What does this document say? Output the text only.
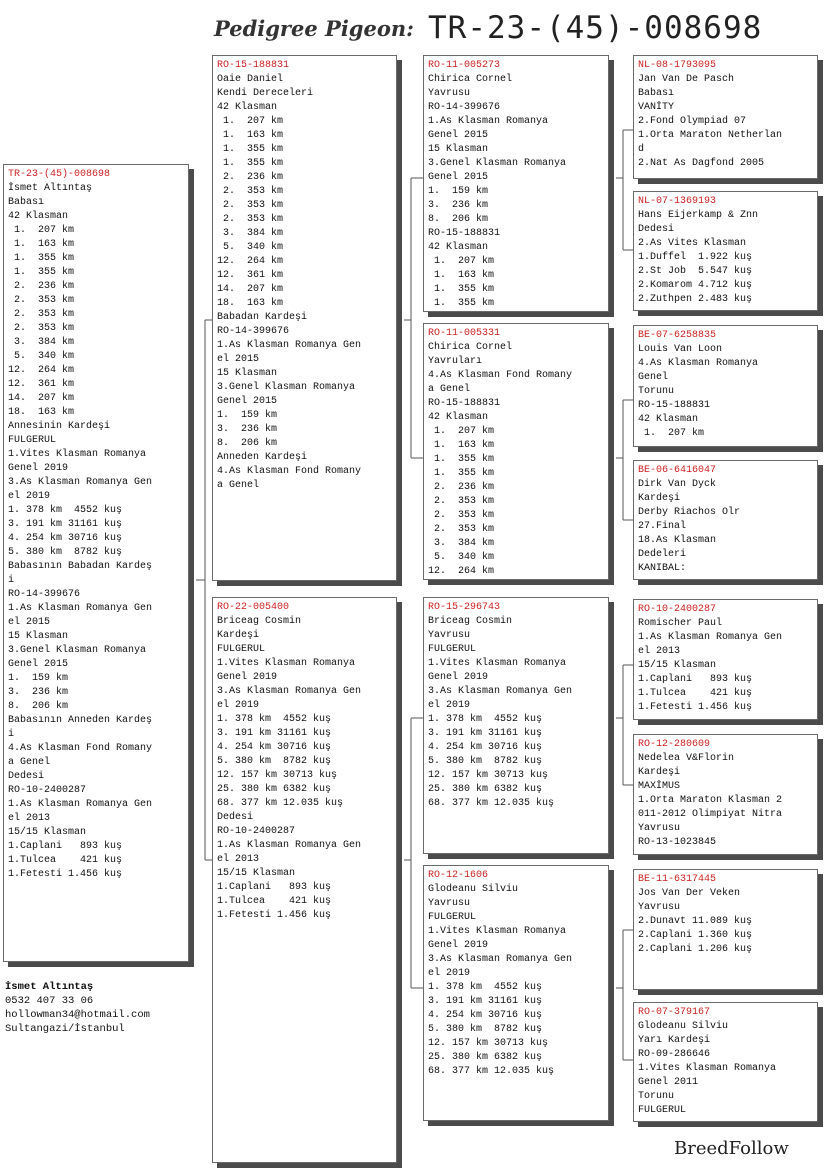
Pedigree Pigeon: TR-23-(45)-008698
TR-23-(45)-008698
İsmet Altıntaş
Babası
42 Klasman
1.  207 km
1.  163 km
1.  355 km
1.  355 km
2.  236 km
2.  353 km
2.  353 km
2.  353 km
3.  384 km
5.  340 km
12.  264 km
12.  361 km
14.  207 km
18.  163 km
Annesinin Kardeşi
FULGERUL
1.Vites Klasman Romanya
Genel 2019
3.As Klasman Romanya Gen
el 2019
1. 378 km  4552 kuş
3. 191 km 31161 kuş
4. 254 km 30716 kuş
5. 380 km  8782 kuş
Babasının Babadan Kardeş
i
RO-14-399676
1.As Klasman Romanya Gen
el 2015
15 Klasman
3.Genel Klasman Romanya
Genel 2015
1.  159 km
3.  236 km
8.  206 km
Babasının Anneden Kardeş
i
4.As Klasman Fond Romany
a Genel
Dedesi
RO-10-2400287
1.As Klasman Romanya Gen
el 2013
15/15 Klasman
1.Caplani   893 kuş
1.Tulcea    421 kuş
1.Fetesti 1.456 kuş
RO-15-188831
Oaie Daniel
Kendi Dereceleri
42 Klasman
1.  207 km
1.  163 km
1.  355 km
1.  355 km
2.  236 km
2.  353 km
2.  353 km
2.  353 km
3.  384 km
5.  340 km
12.  264 km
12.  361 km
14.  207 km
18.  163 km
Babadan Kardeşi
RO-14-399676
1.As Klasman Romanya Gen
el 2015
15 Klasman
3.Genel Klasman Romanya
Genel 2015
1.  159 km
3.  236 km
8.  206 km
Anneden Kardeşi
4.As Klasman Fond Romany
a Genel
RO-22-005400
Briceag Cosmin
Kardeşi
FULGERUL
1.Vites Klasman Romanya
Genel 2019
3.As Klasman Romanya Gen
el 2019
1. 378 km  4552 kuş
3. 191 km 31161 kuş
4. 254 km 30716 kuş
5. 380 km  8782 kuş
12. 157 km 30713 kuş
25. 380 km 6382 kuş
68. 377 km 12.035 kuş
Dedesi
RO-10-2400287
1.As Klasman Romanya Gen
el 2013
15/15 Klasman
1.Caplani   893 kuş
1.Tulcea    421 kuş
1.Fetesti 1.456 kuş
RO-11-005273
Chirica Cornel
Yavrusu
RO-14-399676
1.As Klasman Romanya
Genel 2015
15 Klasman
3.Genel Klasman Romanya
Genel 2015
1.  159 km
3.  236 km
8.  206 km
RO-15-188831
42 Klasman
1.  207 km
1.  163 km
1.  355 km
1.  355 km
RO-11-005331
Chirica Cornel
Yavruları
4.As Klasman Fond Romany
a Genel
RO-15-188831
42 Klasman
1.  207 km
1.  163 km
1.  355 km
1.  355 km
2.  236 km
2.  353 km
2.  353 km
2.  353 km
3.  384 km
5.  340 km
12.  264 km
RO-15-296743
Briceag Cosmin
Yavrusu
FULGERUL
1.Vites Klasman Romanya
Genel 2019
3.As Klasman Romanya Gen
el 2019
1. 378 km  4552 kuş
3. 191 km 31161 kuş
4. 254 km 30716 kuş
5. 380 km  8782 kuş
12. 157 km 30713 kuş
25. 380 km 6382 kuş
68. 377 km 12.035 kuş
RO-12-1606
Glodeanu Silviu
Yavrusu
FULGERUL
1.Vites Klasman Romanya
Genel 2019
3.As Klasman Romanya Gen
el 2019
1. 378 km  4552 kuş
3. 191 km 31161 kuş
4. 254 km 30716 kuş
5. 380 km  8782 kuş
12. 157 km 30713 kuş
25. 380 km 6382 kuş
68. 377 km 12.035 kuş
NL-08-1793095
Jan Van De Pasch
Babası
VANİTY
2.Fond Olympiad 07
1.Orta Maraton Netherlan
d
2.Nat As Dagfond 2005
NL-07-1369193
Hans Eijerkamp & Znn
Dedesi
2.As Vites Klasman
1.Duffel  1.922 kuş
2.St Job  5.547 kuş
2.Komarom 4.712 kuş
2.Zuthpen 2.483 kuş
BE-07-6258835
Louis Van Loon
4.As Klasman Romanya
Genel
Torunu
RO-15-188831
42 Klasman
1.  207 km
BE-06-6416047
Dirk Van Dyck
Kardeşi
Derby Riachos Olr
27.Final
18.As Klasman
Dedeleri
KANIBAL:
RO-10-2400287
Romischer Paul
1.As Klasman Romanya Gen
el 2013
15/15 Klasman
1.Caplani   893 kuş
1.Tulcea    421 kuş
1.Fetesti 1.456 kuş
RO-12-280609
Nedelea V&Florin
Kardeşi
MAXİMUS
1.Orta Maraton Klasman 2
011-2012 Olimpiyat Nitra
Yavrusu
RO-13-1023845
BE-11-6317445
Jos Van Der Veken
Yavrusu
2.Dunavt 11.089 kuş
2.Caplani 1.360 kuş
2.Caplani 1.206 kuş
RO-07-379167
Glodeanu Silviu
Yarı Kardeşi
RO-09-286646
1.Vites Klasman Romanya
Genel 2011
Torunu
FULGERUL
İsmet Altıntaş
0532 407 33 06
hollowman34@hotmail.com
Sultangazi/İstanbul
BreedFollow
